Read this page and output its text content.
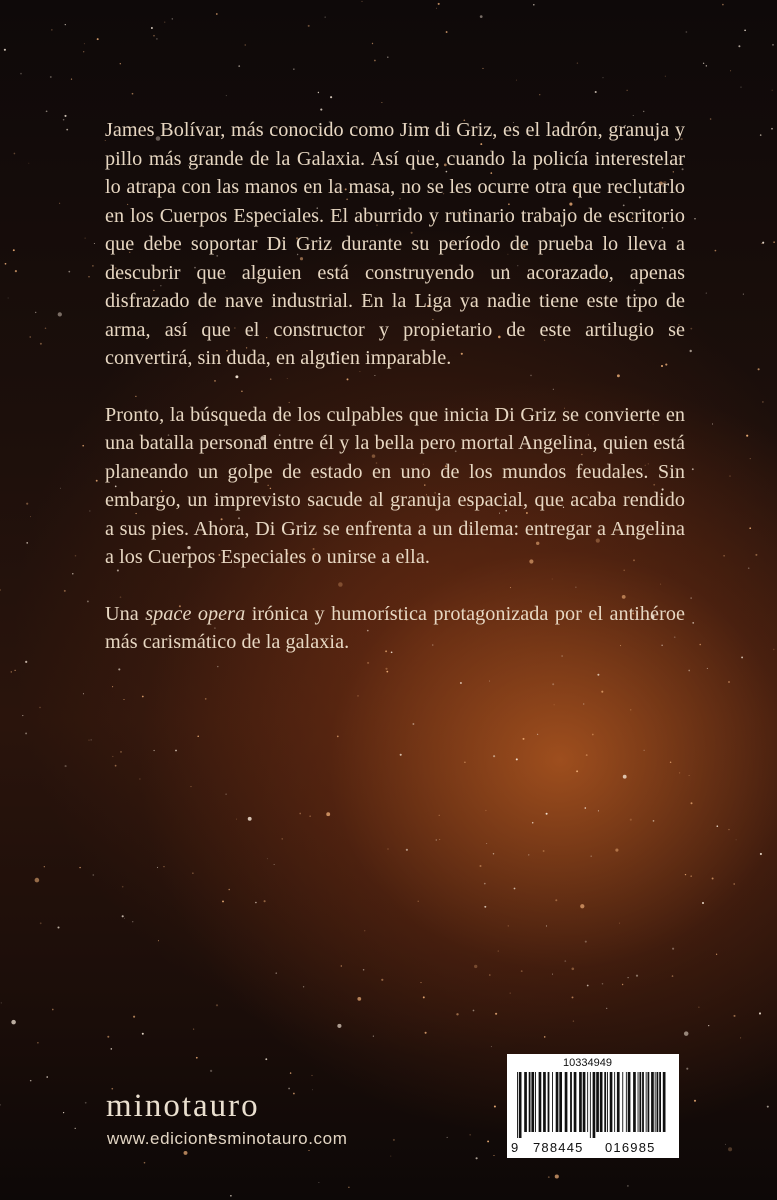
James Bolívar, más conocido como Jim di Griz, es el ladrón, granuja y pillo más grande de la Galaxia. Así que, cuando la policía interestelar lo atrapa con las manos en la masa, no se les ocurre otra que reclutarlo en los Cuerpos Especiales. El aburrido y rutinario trabajo de escritorio que debe soportar Di Griz durante su período de prueba lo lleva a descubrir que alguien está construyendo un acorazado, apenas disfrazado de nave industrial. En la Liga ya nadie tiene este tipo de arma, así que el constructor y propietario de este artilugio se convertirá, sin duda, en alguien imparable.

Pronto, la búsqueda de los culpables que inicia Di Griz se convierte en una batalla personal entre él y la bella pero mortal Angelina, quien está planeando un golpe de estado en uno de los mundos feudales. Sin embargo, un imprevisto sacude al granuja espacial, que acaba rendido a sus pies. Ahora, Di Griz se enfrenta a un dilema: entregar a Angelina a los Cuerpos Especiales o unirse a ella.

Una space opera irónica y humorística protagonizada por el antihéroe más carismático de la galaxia.

minotauro
www.edicionesminotauro.com
10334949
9 788445 016985
